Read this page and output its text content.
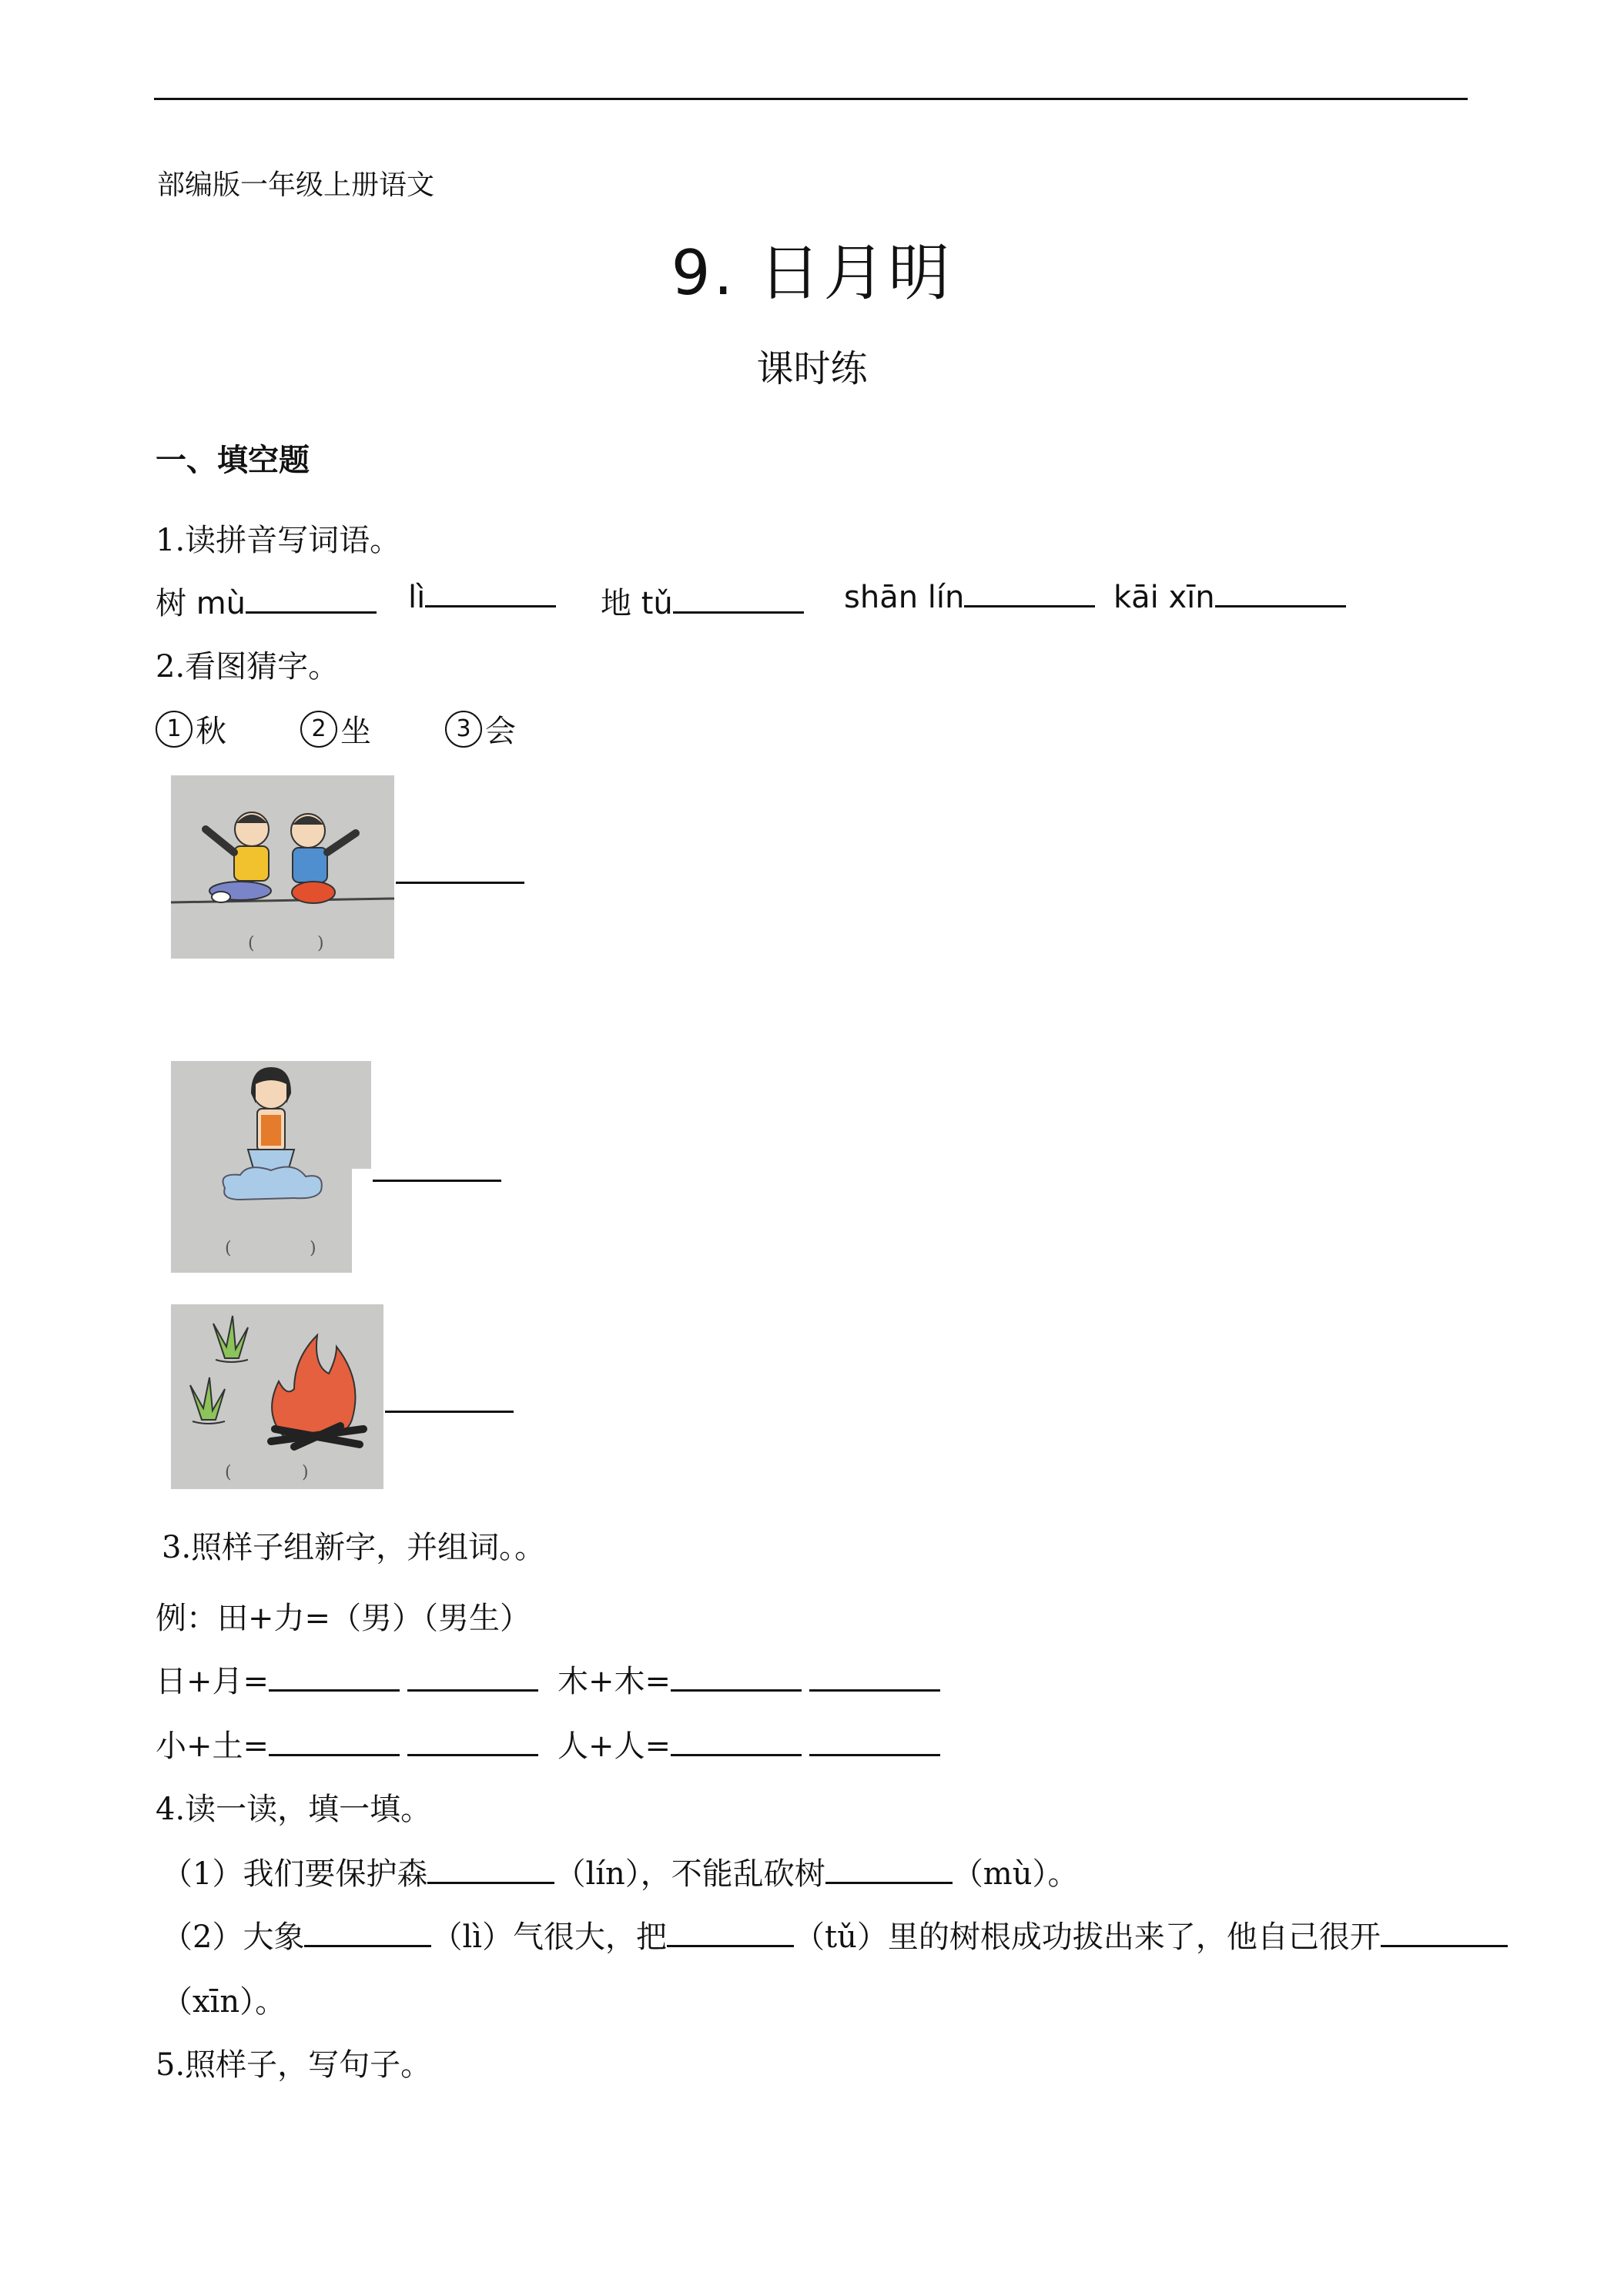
部编版一年级上册语文
9. 日月明
课时练
一、填空题
1.读拼音写词语。
树 mù	lì	地 tǔ	shān lín	kāi xīn
2.看图猜字。
1 秋	2 坐	3 会
(	)
(	)
(	)
3.照样子组新字，并组词。。
例：田+力=（男）（男生）
日+月=	木+木=
小+土=	人+人=
4.读一读，填一填。
（1）我们要保护森	（lín），不能乱砍树	（mù）。
（2）大象	（lì）气很大，把	（tǔ）里的树根成功拔出来了，他自己很开
（xīn）。
5.照样子，写句子。
